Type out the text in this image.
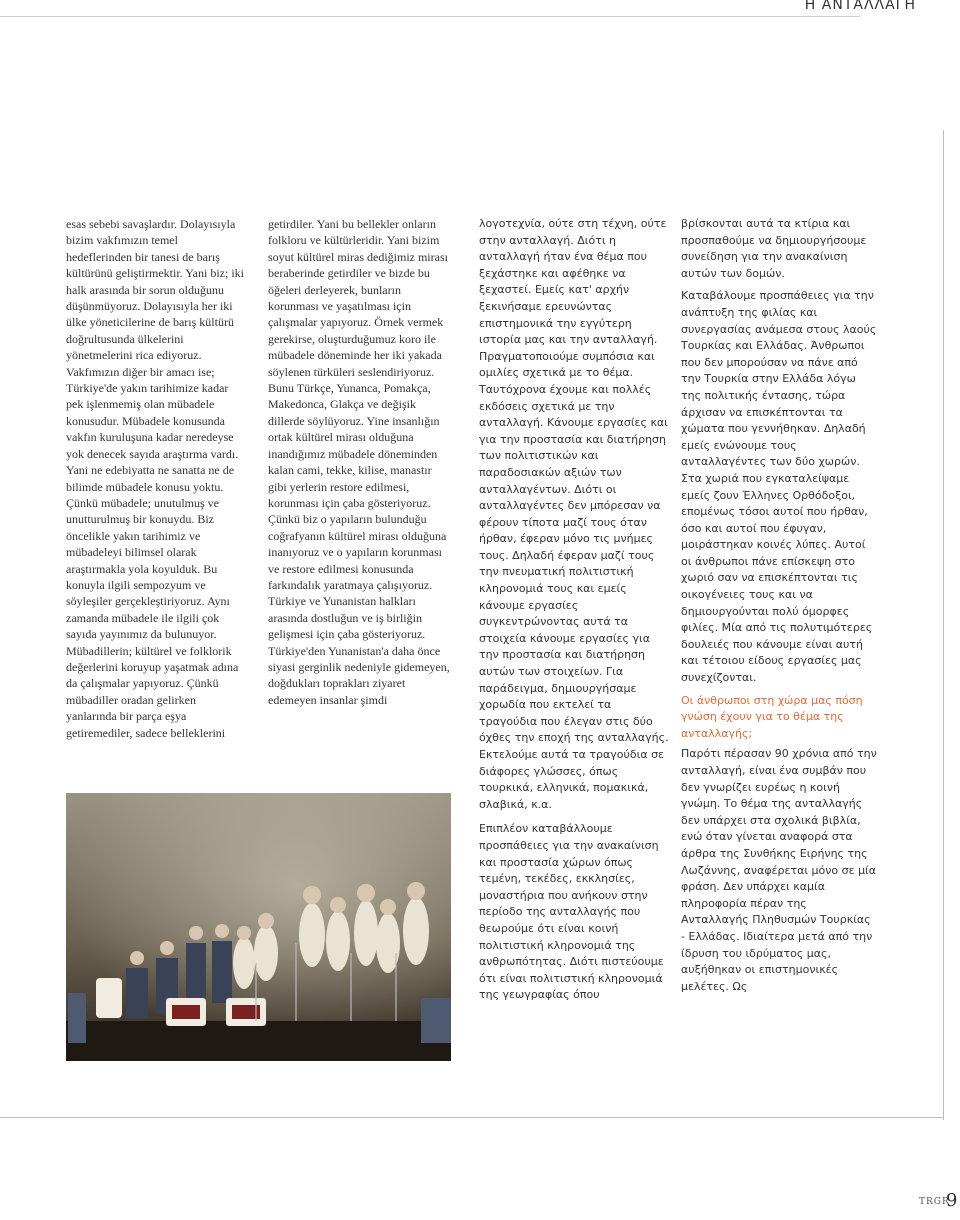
Η ΑΝΤΑΛΛΑΓΗ

esas sebebi savaşlardır. Dolayısıyla bizim vakfımızın temel hedeflerinden bir tanesi de barış kültürünü geliştirmektir. Yani biz; iki halk arasında bir sorun olduğunu düşünmüyoruz. Dolayısıyla her iki ülke yöneticilerine de barış kültürü doğrultusunda ülkelerini yönetmelerini rica ediyoruz. Vakfımızın diğer bir amacı ise; Türkiye'de yakın tarihimize kadar pek işlenmemiş olan mübadele konusudur. Mübadele konusunda vakfın kuruluşuna kadar neredeyse yok denecek sayıda araştırma vardı. Yani ne edebiyatta ne sanatta ne de bilimde mübadele konusu yoktu. Çünkü mübadele; unutulmuş ve unutturulmuş bir konuydu. Biz öncelikle yakın tarihimiz ve mübadeleyi bilimsel olarak araştırmakla yola koyulduk. Bu konuyla ilgili sempozyum ve söyleşiler gerçekleştiriyoruz. Aynı zamanda mübadele ile ilgili çok sayıda yayınımız da bulunuyor. Mübadillerin; kültürel ve folklorik değerlerini koruyup yaşatmak adına da çalışmalar yapıyoruz. Çünkü mübadiller oradan gelirken yanlarında bir parça eşya getiremediler, sadece belleklerini

getirdiler. Yani bu bellekler onların folkloru ve kültürleridir. Yani bizim soyut kültürel miras dediğimiz mirası beraberinde getirdiler ve bizde bu öğeleri derleyerek, bunların korunması ve yaşatılması için çalışmalar yapıyoruz. Örnek vermek gerekirse, oluşturduğumuz koro ile mübadele döneminde her iki yakada söylenen türküleri seslendiriyoruz. Bunu Türkçe, Yunanca, Pomakça, Makedonca, Glakça ve değişik dillerde söylüyoruz. Yine insanlığın ortak kültürel mirası olduğuna inandığımız mübadele döneminden kalan cami, tekke, kilise, manastır gibi yerlerin restore edilmesi, korunması için çaba gösteriyoruz. Çünkü biz o yapıların bulunduğu coğrafyanın kültürel mirası olduğuna inanıyoruz ve o yapıların korunması ve restore edilmesi konusunda farkındalık yaratmaya çalışıyoruz. Türkiye ve Yunanistan halkları arasında dostluğun ve iş birliğin gelişmesi için çaba gösteriyoruz. Türkiye'den Yunanistan'a daha önce siyasi gerginlik nedeniyle gidemeyen, doğdukları toprakları ziyaret edemeyen insanlar şimdi

λογοτεχνία, ούτε στη τέχνη, ούτε στην ανταλλαγή. Διότι η ανταλλαγή ήταν ένα θέμα που ξεχάστηκε και αφέθηκε να ξεχαστεί. Εμείς κατ' αρχήν ξεκινήσαμε ερευνώντας επιστημονικά την εγγύτερη ιστορία μας και την ανταλλαγή. Πραγματοποιούμε συμπόσια και ομιλίες σχετικά με το θέμα. Ταυτόχρονα έχουμε και πολλές εκδόσεις σχετικά με την ανταλλαγή. Κάνουμε εργασίες και για την προστασία και διατήρηση των πολιτιστικών και παραδοσιακών αξιών των ανταλλαγέντων. Διότι οι ανταλλαγέντες δεν μπόρεσαν να φέρουν τίποτα μαζί τους όταν ήρθαν, έφεραν μόνο τις μνήμες τους. Δηλαδή έφεραν μαζί τους την πνευματική πολιτιστική κληρονομιά τους και εμείς κάνουμε εργασίες συγκεντρώνοντας αυτά τα στοιχεία κάνουμε εργασίες για την προστασία και διατήρηση αυτών των στοιχείων. Για παράδειγμα, δημιουργήσαμε χορωδία που εκτελεί τα τραγούδια που έλεγαν στις δύο όχθες την εποχή της ανταλλαγής. Εκτελούμε αυτά τα τραγούδια σε διάφορες γλώσσες, όπως τουρκικά, ελληνικά, πομακικά, σλαβικά, κ.α.

Επιπλέον καταβάλλουμε προσπάθειες για την ανακαίνιση και προστασία χώρων όπως τεμένη, τεκέδες, εκκλησίες, μοναστήρια που ανήκουν στην περίοδο της ανταλλαγής που θεωρούμε ότι είναι κοινή πολιτιστική κληρονομιά της ανθρωπότητας. Διότι πιστεύουμε ότι είναι πολιτιστική κληρονομιά της γεωγραφίας όπου

βρίσκονται αυτά τα κτίρια και προσπαθούμε να δημιουργήσουμε συνείδηση για την ανακαίνιση αυτών των δομών.

Καταβάλουμε προσπάθειες για την ανάπτυξη της φιλίας και συνεργασίας ανάμεσα στους λαούς Τουρκίας και Ελλάδας. Άνθρωποι που δεν μπορούσαν να πάνε από την Τουρκία στην Ελλάδα λόγω της πολιτικής έντασης, τώρα άρχισαν να επισκέπτονται τα χώματα που γεννήθηκαν. Δηλαδή εμείς ενώνουμε τους ανταλλαγέντες των δύο χωρών. Στα χωριά που εγκαταλείψαμε εμείς ζουν Έλληνες Ορθόδοξοι, επομένως τόσοι αυτοί που ήρθαν, όσο και αυτοί που έφυγαν, μοιράστηκαν κοινές λύπες. Αυτοί οι άνθρωποι πάνε επίσκεψη στο χωριό σαν να επισκέπτονται τις οικογένειες τους και να δημιουργούνται πολύ όμορφες φιλίες. Μία από τις πολυτιμότερες δουλειές που κάνουμε είναι αυτή και τέτοιου είδους εργασίες μας συνεχίζονται.

Οι άνθρωποι στη χώρα μας πόση γνώση έχουν για το θέμα της ανταλλαγής;

Παρότι πέρασαν 90 χρόνια από την ανταλλαγή, είναι ένα συμβάν που δεν γνωρίζει ευρέως η κοινή γνώμη. Το θέμα της ανταλλαγής δεν υπάρχει στα σχολικά βιβλία, ενώ όταν γίνεται αναφορά στα άρθρα της Συνθήκης Ειρήνης της Λωζάννης, αναφέρεται μόνο σε μία φράση. Δεν υπάρχει καμία πληροφορία πέραν της Ανταλλαγής Πληθυσμών Τουρκίας - Ελλάδας. Ιδιαίτερα μετά από την ίδρυση του ιδρύματος μας, αυξήθηκαν οι επιστημονικές μελέτες. Ως

TRGR
9
